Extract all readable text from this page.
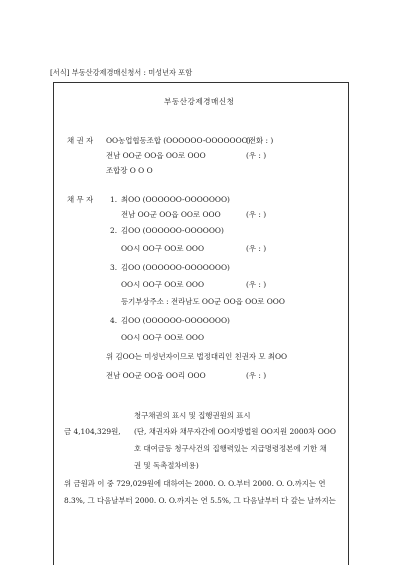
[서식] 부동산강제경매신청서 : 미성년자 포함
부동산강제경매신청
채 권 자 OO농업협동조합 (OOOOOO-OOOOOOO)
(전화 : )
전남 OO군 OO읍 OO로 OOO	(우 : )
조합장 O O O
채 무 자 1. 최OO (OOOOOO-OOOOOOO)
전남 OO군 OO읍 OO로 OOO	(우 : )
2. 김OO (OOOOOO-OOOOOO)
OO시 OO구 OO로 OOO	(우 : )
3. 김OO (OOOOOO-OOOOOOO)
OO시 OO구 OO로 OOO	(우 : )
등기부상주소 : 전라남도 OO군 OO읍 OO로 OOO
4. 김OO (OOOOOO-OOOOOOO)
OO시 OO구 OO로 OOO
위 김OO는 미성년자이므로 법정대리인 친권자 모 최OO
전남 OO군 OO읍 OO리 OOO	(우 : )
청구채권의 표시 및 집행권원의 표시
금 4,104,329원, (단, 채권자와 채무자간에 OO지방법원 OO지원 2000차 OOO
호 대여금등 청구사건의 집행력있는 지급명령정본에 기한 채
권 및 독촉절차비용)
위 금원과 이 중 729,029원에 대하여는 2000. O. O.부터 2000. O. O.까지는 연
8.3%, 그 다음날부터 2000. O. O.까지는 연 5.5%, 그 다음날부터 다 갚는 날까지는
